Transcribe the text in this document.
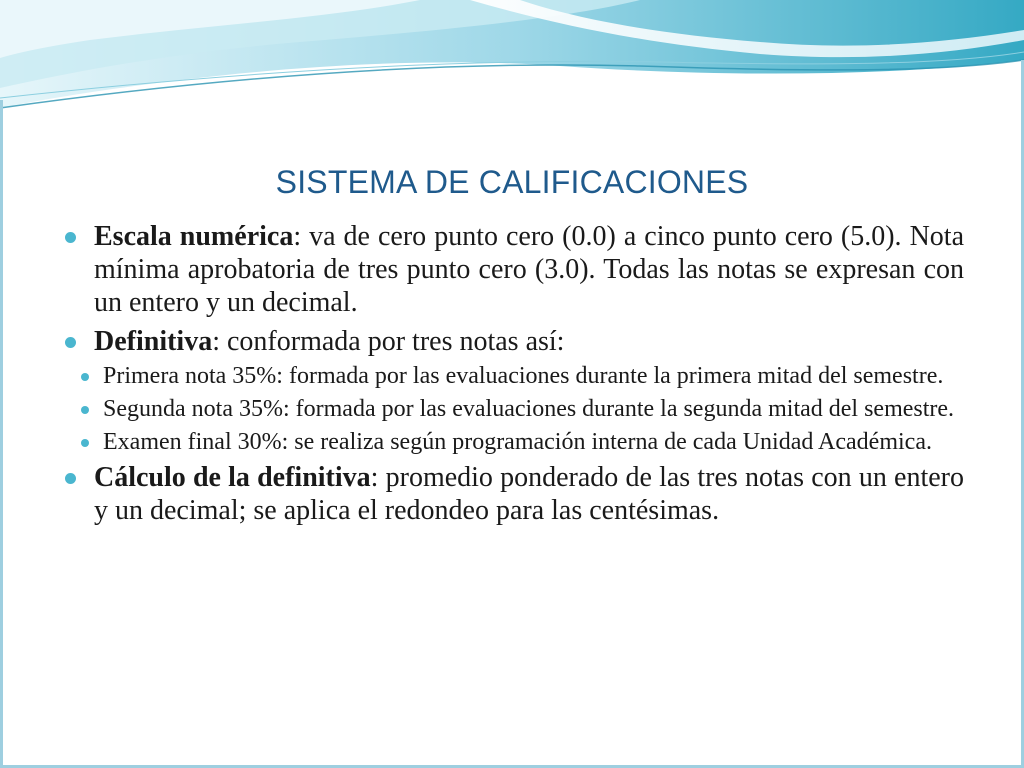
SISTEMA DE CALIFICACIONES
Escala numérica: va de cero punto cero (0.0) a cinco punto cero (5.0). Nota mínima aprobatoria de tres punto cero (3.0). Todas las notas se expresan con un entero y un decimal.
Definitiva: conformada por tres notas así:
Primera nota 35%: formada por las evaluaciones durante la primera mitad del semestre.
Segunda nota 35%: formada por las evaluaciones durante la segunda mitad del semestre.
Examen final 30%: se realiza según programación interna de cada Unidad Académica.
Cálculo de la definitiva: promedio ponderado de las tres notas con un entero y un decimal; se aplica el redondeo para las centésimas.
